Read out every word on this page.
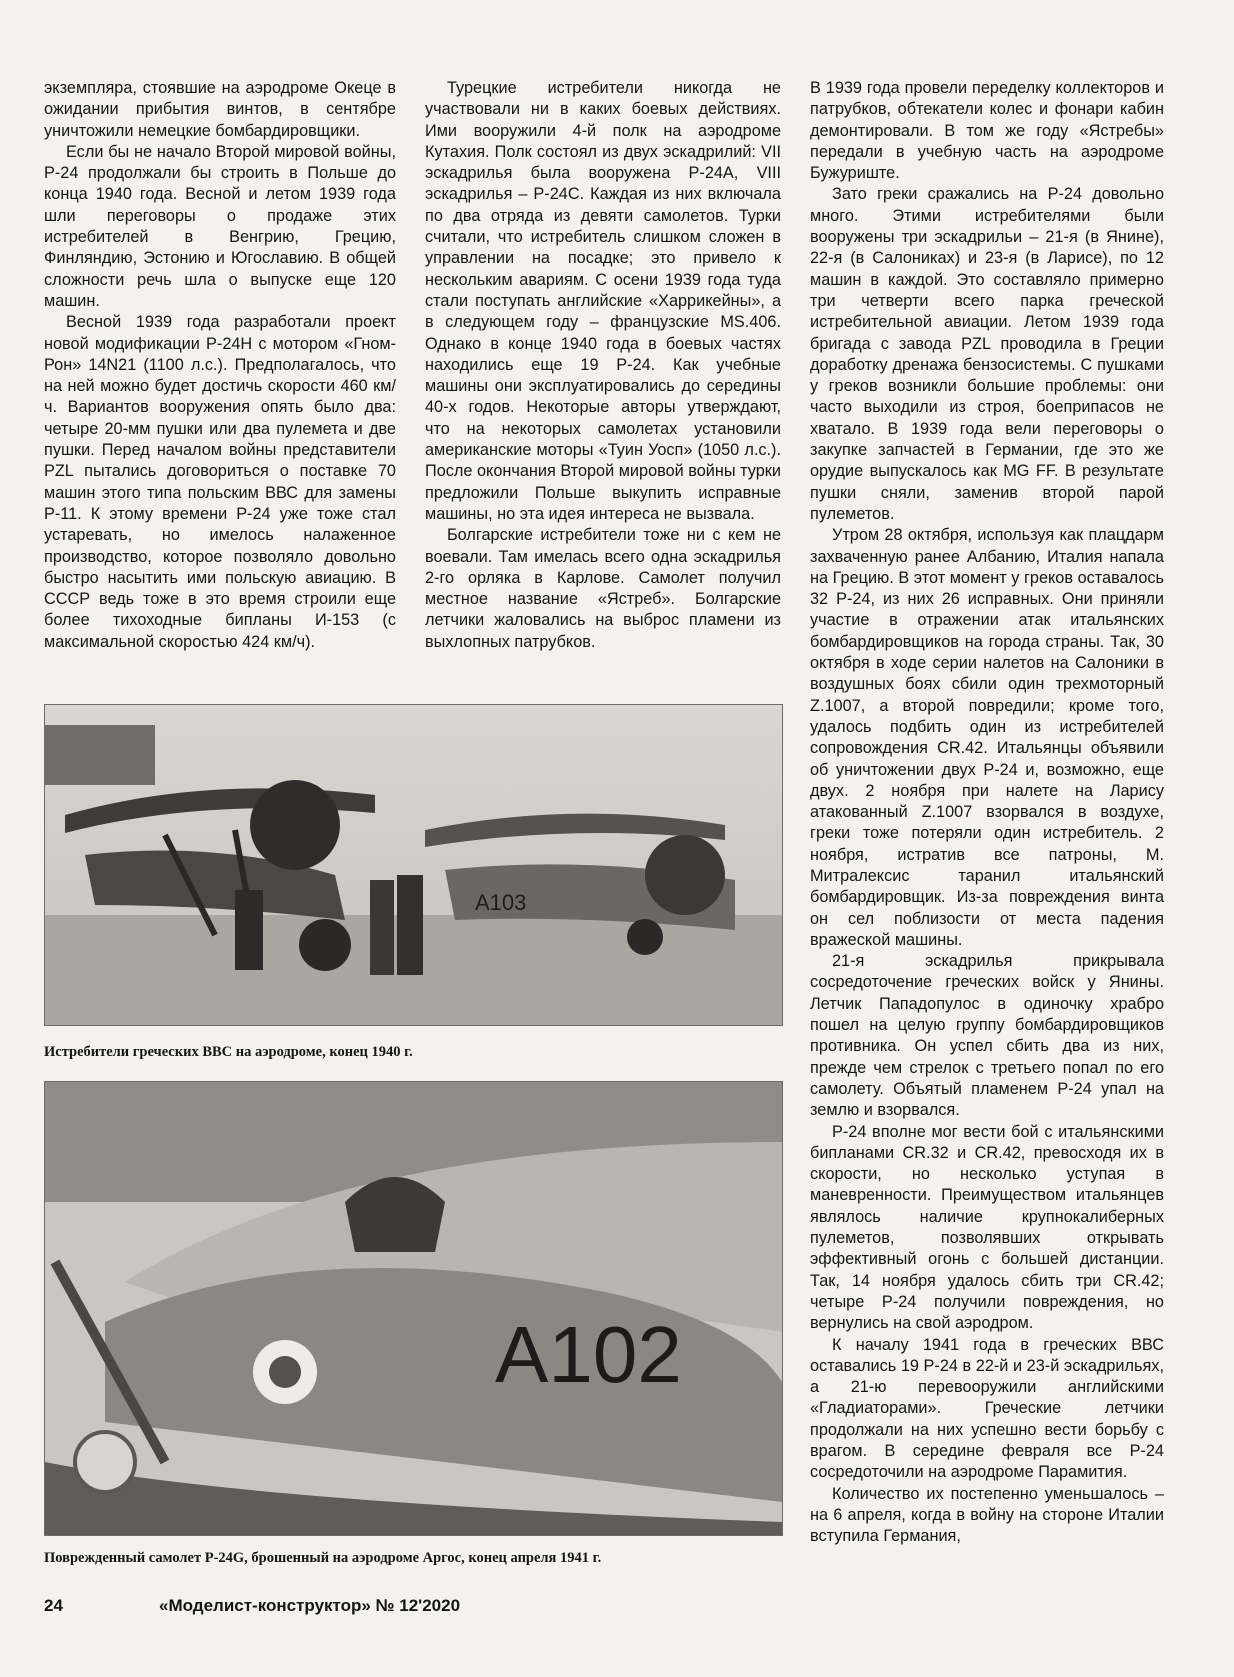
экземпляра, стоявшие на аэродроме Океце в ожидании прибытия винтов, в сентябре уничтожили немецкие бомбардировщики.

Если бы не начало Второй мировой войны, Р-24 продолжали бы строить в Польше до конца 1940 года. Весной и летом 1939 года шли переговоры о продаже этих истребителей в Венгрию, Грецию, Финляндию, Эстонию и Югославию. В общей сложности речь шла о выпуске еще 120 машин.

Весной 1939 года разработали проект новой модификации Р-24Н с мотором «Гном-Рон» 14N21 (1100 л.с.). Предполагалось, что на ней можно будет достичь скорости 460 км/ч. Вариантов вооружения опять было два: четыре 20-мм пушки или два пулемета и две пушки. Перед началом войны представители PZL пытались договориться о поставке 70 машин этого типа польским ВВС для замены Р-11. К этому времени Р-24 уже тоже стал устаревать, но имелось налаженное производство, которое позволяло довольно быстро насытить ими польскую авиацию. В СССР ведь тоже в это время строили еще более тихоходные бипланы И-153 (с максимальной скоростью 424 км/ч).

Турецкие истребители никогда не участвовали ни в каких боевых действиях. Ими вооружили 4-й полк на аэродроме Кутахия. Полк состоял из двух эскадрилий: VII эскадрилья была вооружена Р-24А, VIII эскадрилья – Р-24С. Каждая из них включала по два отряда из девяти самолетов. Турки считали, что истребитель слишком сложен в управлении на посадке; это привело к нескольким авариям. С осени 1939 года туда стали поступать английские «Харрикейны», а в следующем году – французские MS.406. Однако в конце 1940 года в боевых частях находились еще 19 Р-24. Как учебные машины они эксплуатировались до середины 40-х годов. Некоторые авторы утверждают, что на некоторых самолетах установили американские моторы «Туин Уосп» (1050 л.с.). После окончания Второй мировой войны турки предложили Польше выкупить исправные машины, но эта идея интереса не вызвала.

Болгарские истребители тоже ни с кем не воевали. Там имелась всего одна эскадрилья 2-го орляка в Карлове. Самолет получил местное название «Ястреб». Болгарские летчики жаловались на выброс пламени из выхлопных патрубков.

В 1939 года провели переделку коллекторов и патрубков, обтекатели колес и фонари кабин демонтировали. В том же году «Ястребы» передали в учебную часть на аэродроме Бужуриште.

Зато греки сражались на Р-24 довольно много. Этими истребителями были вооружены три эскадрильи – 21-я (в Янине), 22-я (в Салониках) и 23-я (в Ларисе), по 12 машин в каждой. Это составляло примерно три четверти всего парка греческой истребительной авиации. Летом 1939 года бригада с завода PZL проводила в Греции доработку дренажа бензосистемы. С пушками у греков возникли большие проблемы: они часто выходили из строя, боеприпасов не хватало. В 1939 года вели переговоры о закупке запчастей в Германии, где это же орудие выпускалось как MG FF. В результате пушки сняли, заменив второй парой пулеметов.

Утром 28 октября, используя как плацдарм захваченную ранее Албанию, Италия напала на Грецию. В этот момент у греков оставалось 32 Р-24, из них 26 исправных. Они приняли участие в отражении атак итальянских бомбардировщиков на города страны. Так, 30 октября в ходе серии налетов на Салоники в воздушных боях сбили один трехмоторный Z.1007, а второй повредили; кроме того, удалось подбить один из истребителей сопровождения CR.42. Итальянцы объявили об уничтожении двух Р-24 и, возможно, еще двух. 2 ноября при налете на Ларису атакованный Z.1007 взорвался в воздухе, греки тоже потеряли один истребитель. 2 ноября, истратив все патроны, М. Митралексис таранил итальянский бомбардировщик. Из-за повреждения винта он сел поблизости от места падения вражеской машины.

21-я эскадрилья прикрывала сосредоточение греческих войск у Янины. Летчик Пападопулос в одиночку храбро пошел на целую группу бомбардировщиков противника. Он успел сбить два из них, прежде чем стрелок с третьего попал по его самолету. Объятый пламенем Р-24 упал на землю и взорвался.

Р-24 вполне мог вести бой с итальянскими бипланами CR.32 и CR.42, превосходя их в скорости, но несколько уступая в маневренности. Преимуществом итальянцев являлось наличие крупнокалиберных пулеметов, позволявших открывать эффективный огонь с большей дистанции. Так, 14 ноября удалось сбить три CR.42; четыре Р-24 получили повреждения, но вернулись на свой аэродром.

К началу 1941 года в греческих ВВС оставались 19 Р-24 в 22-й и 23-й эскадрильях, а 21-ю перевооружили английскими «Гладиаторами». Греческие летчики продолжали на них успешно вести борьбу с врагом. В середине февраля все Р-24 сосредоточили на аэродроме Парамития.

Количество их постепенно уменьшалось – на 6 апреля, когда в войну на стороне Италии вступила Германия,

A103
Истребители греческих ВВС на аэродроме, конец 1940 г.
A102
Поврежденный самолет Р-24G, брошенный на аэродроме Аргос, конец апреля 1941 г.
24	«Моделист-конструктор» № 12'2020
